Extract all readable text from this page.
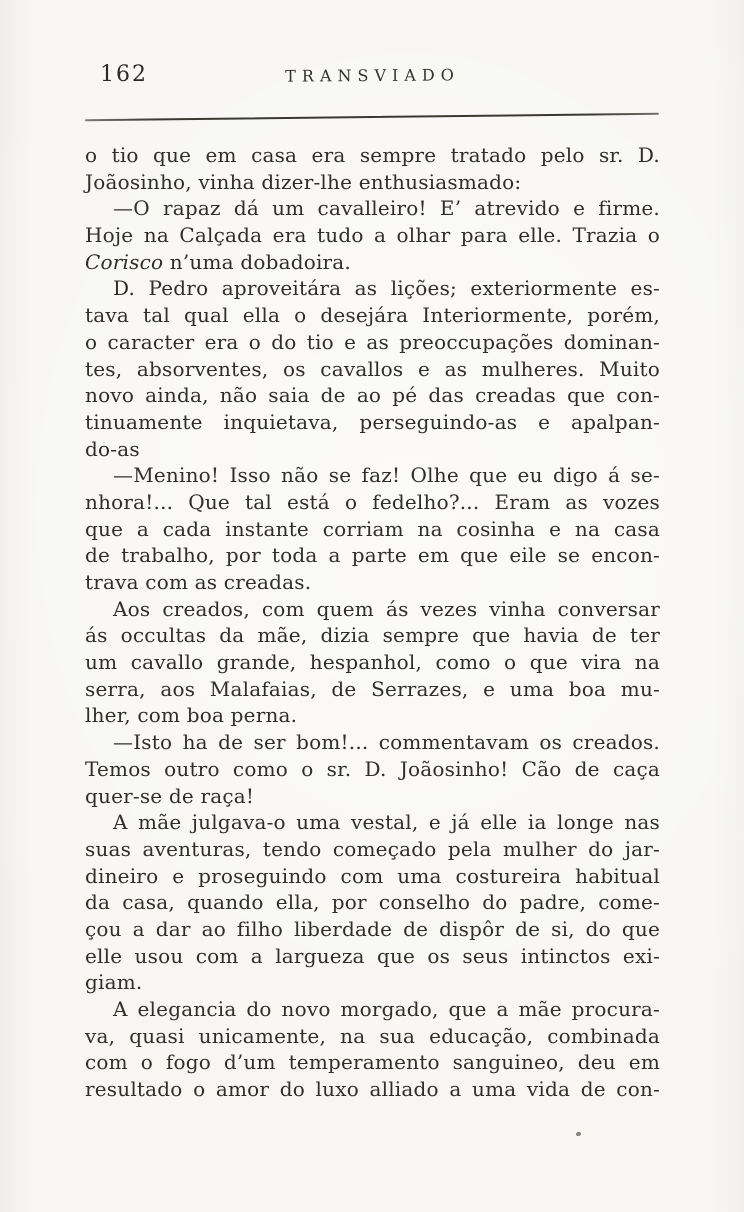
162	TRANSVIADO
o tio que em casa era sempre tratado pelo sr. D.
Joãosinho, vinha dizer-lhe enthusiasmado:
—O rapaz dá um cavalleiro! E’ atrevido e firme.
Hoje na Calçada era tudo a olhar para elle. Trazia o
Corisco n’uma dobadoira.
D. Pedro aproveitára as lições; exteriormente es-
tava tal qual ella o desejára Interiormente, porém,
o caracter era o do tio e as preoccupações dominan-
tes, absorventes, os cavallos e as mulheres. Muito
novo ainda, não saia de ao pé das creadas que con-
tinuamente inquietava, perseguindo-as e apalpan-
do-as
—Menino! Isso não se faz! Olhe que eu digo á se-
nhora!... Que tal está o fedelho?... Eram as vozes
que a cada instante corriam na cosinha e na casa
de trabalho, por toda a parte em que eile se encon-
trava com as creadas.
Aos creados, com quem ás vezes vinha conversar
ás occultas da mãe, dizia sempre que havia de ter
um cavallo grande, hespanhol, como o que vira na
serra, aos Malafaias, de Serrazes, e uma boa mu-
lher, com boa perna.
—Isto ha de ser bom!... commentavam os creados.
Temos outro como o sr. D. Joãosinho! Cão de caça
quer-se de raça!
A mãe julgava-o uma vestal, e já elle ia longe nas
suas aventuras, tendo começado pela mulher do jar-
dineiro e proseguindo com uma costureira habitual
da casa, quando ella, por conselho do padre, come-
çou a dar ao filho liberdade de dispôr de si, do que
elle usou com a largueza que os seus intinctos exi-
giam.
A elegancia do novo morgado, que a mãe procura-
va, quasi unicamente, na sua educação, combinada
com o fogo d’um temperamento sanguineo, deu em
resultado o amor do luxo alliado a uma vida de con-
